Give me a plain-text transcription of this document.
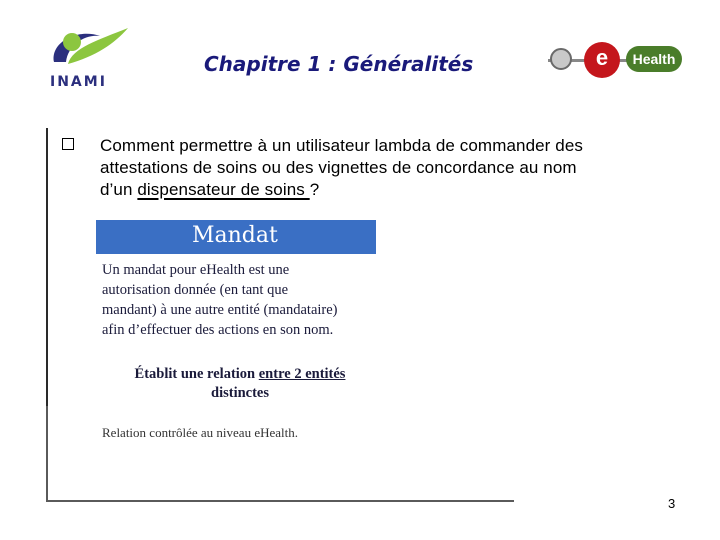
INAMI
Chapitre 1 : Généralités	e	Health
Comment permettre à un utilisateur lambda de commander des
attestations de soins ou des vignettes de concordance au nom
d’un dispensateur de soins ?
Mandat
Un mandat pour eHealth est une
autorisation donnée (en tant que
mandant) à une autre entité (mandataire)
afin d’effectuer des actions en son nom.
Établit une relation entre 2 entités
distinctes
Relation contrôlée au niveau eHealth.
3
